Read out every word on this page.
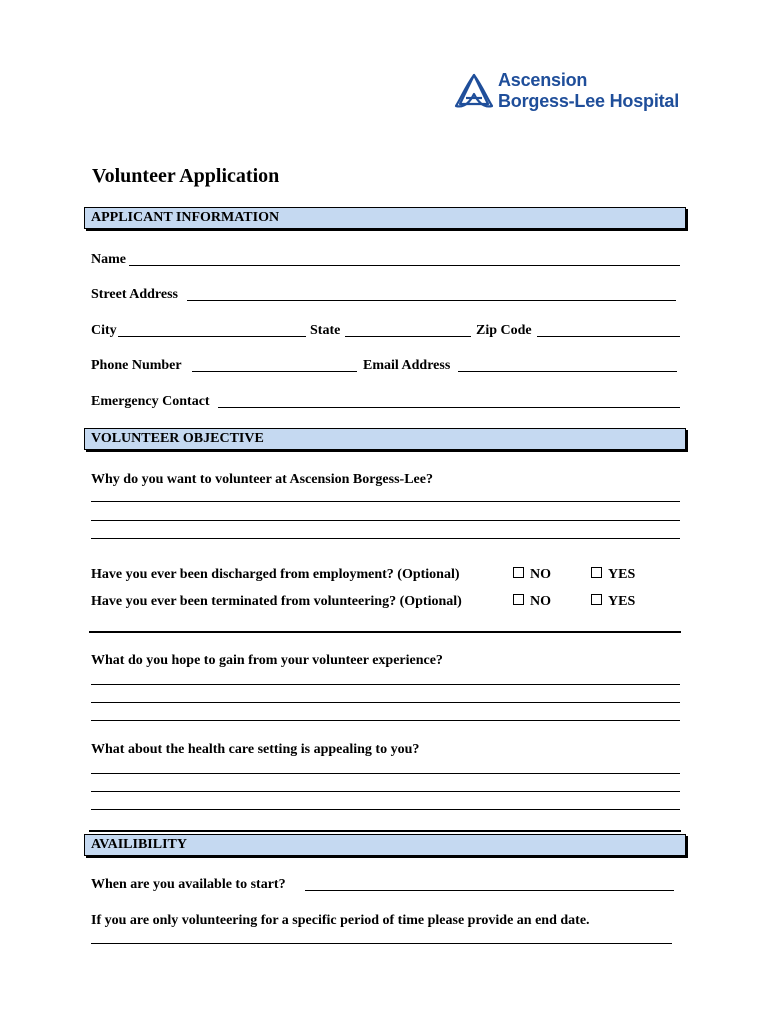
Ascension
Borgess-Lee Hospital
Volunteer Application
APPLICANT INFORMATION
Name
Street Address
City	State	Zip Code
Phone Number	Email Address
Emergency Contact
VOLUNTEER OBJECTIVE
Why do you want to volunteer at Ascension Borgess-Lee?
Have you ever been discharged from employment? (Optional)	NO	YES
Have you ever been terminated from volunteering? (Optional)	NO	YES
What do you hope to gain from your volunteer experience?
What about the health care setting is appealing to you?
AVAILIBILITY
When are you available to start?
If you are only volunteering for a specific period of time please provide an end date.
